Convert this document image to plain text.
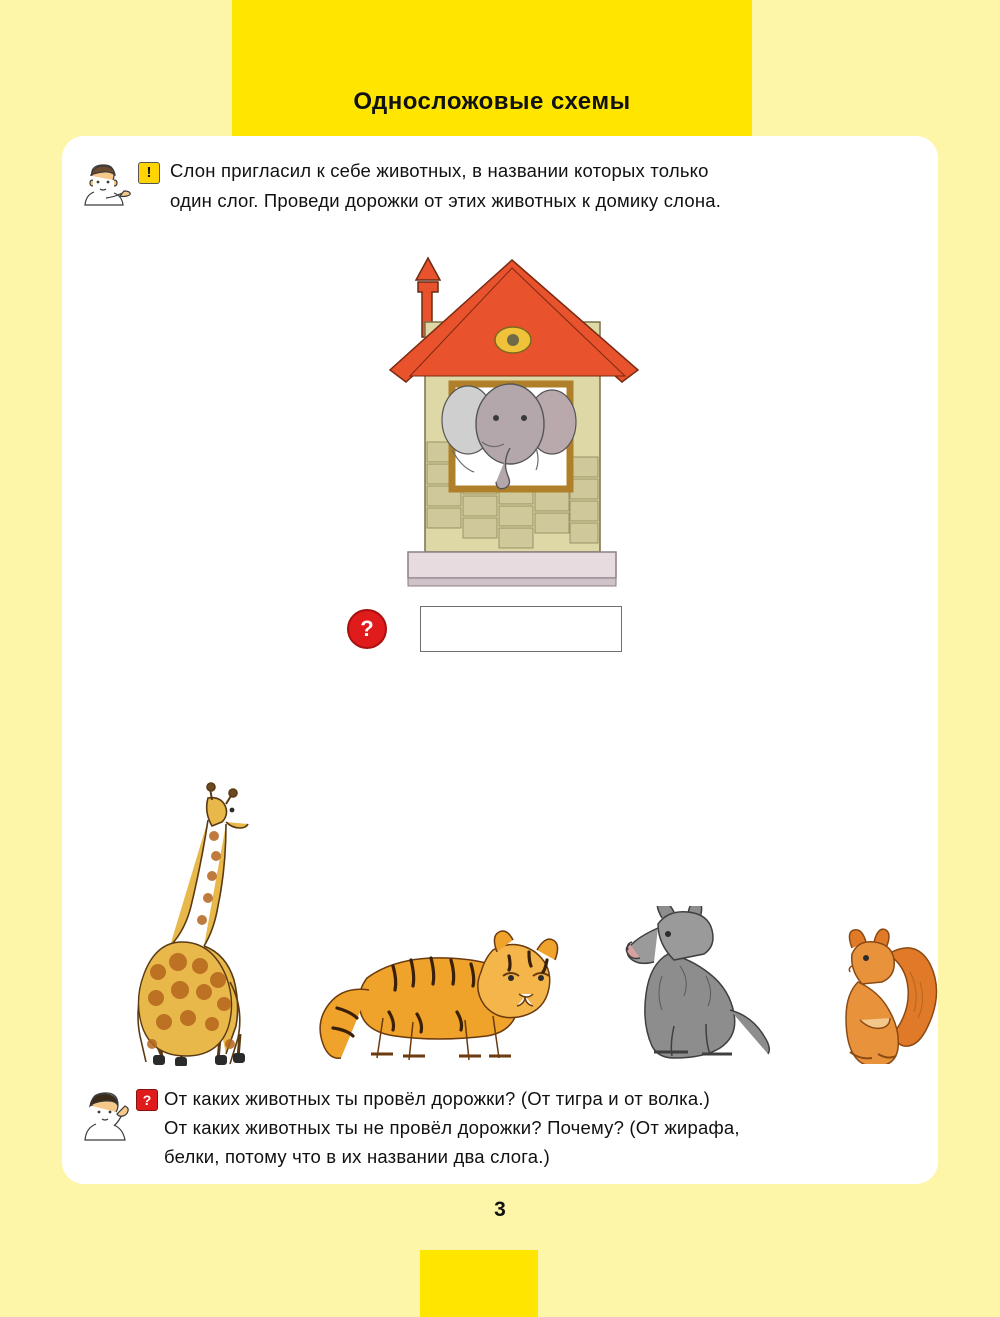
Односложовые схемы
!	Слон пригласил к себе животных, в названии которых только
один слог. Проведи дорожки от этих животных к домику слона.
?
? От каких животных ты провёл дорожки? (От тигра и от волка.)
От каких животных ты не провёл дорожки? Почему? (От жирафа,
белки, потому что в их названии два слога.)
3
